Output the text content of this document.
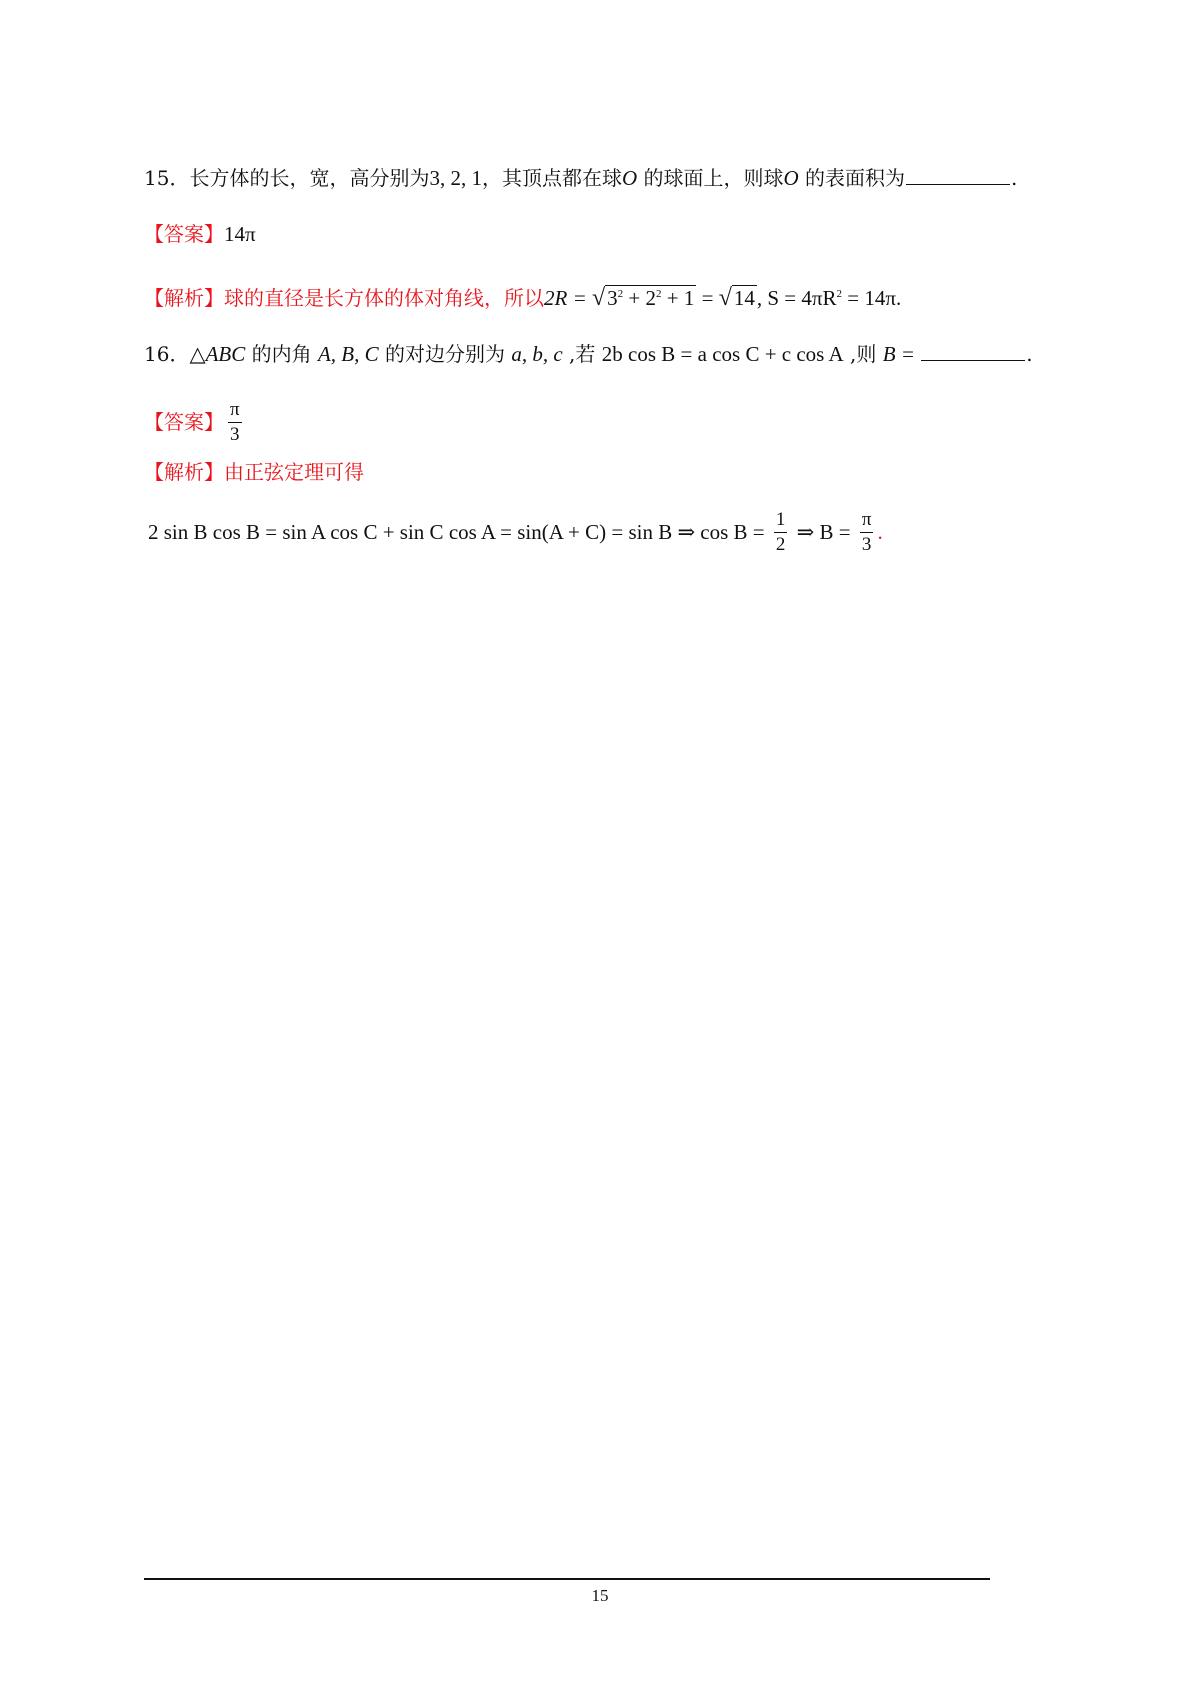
15．长方体的长，宽，高分别为3, 2, 1，其顶点都在球O 的球面上，则球O 的表面积为	.
【答案】14π
【解析】球的直径是长方体的体对角线，所以$2R = √3^2 + 2^2 + 1 = √14$, $S = 4\pi R^2 = 14\pi$.
16．△ABC 的内角 A, B, C 的对边分别为 a, b, c ,若 2b cos B = a cos C + c cos A ,则 B =	.
【答案】 $\frac{\pi}{3}$
【解析】由正弦定理可得
2 sin B cos B = sin A cos C + sin C cos A = sin(A + C) = sin B ⇒ $\cos B = \frac{1}{2}$ ⇒ $B = \frac{\pi}{3}$ .
15
